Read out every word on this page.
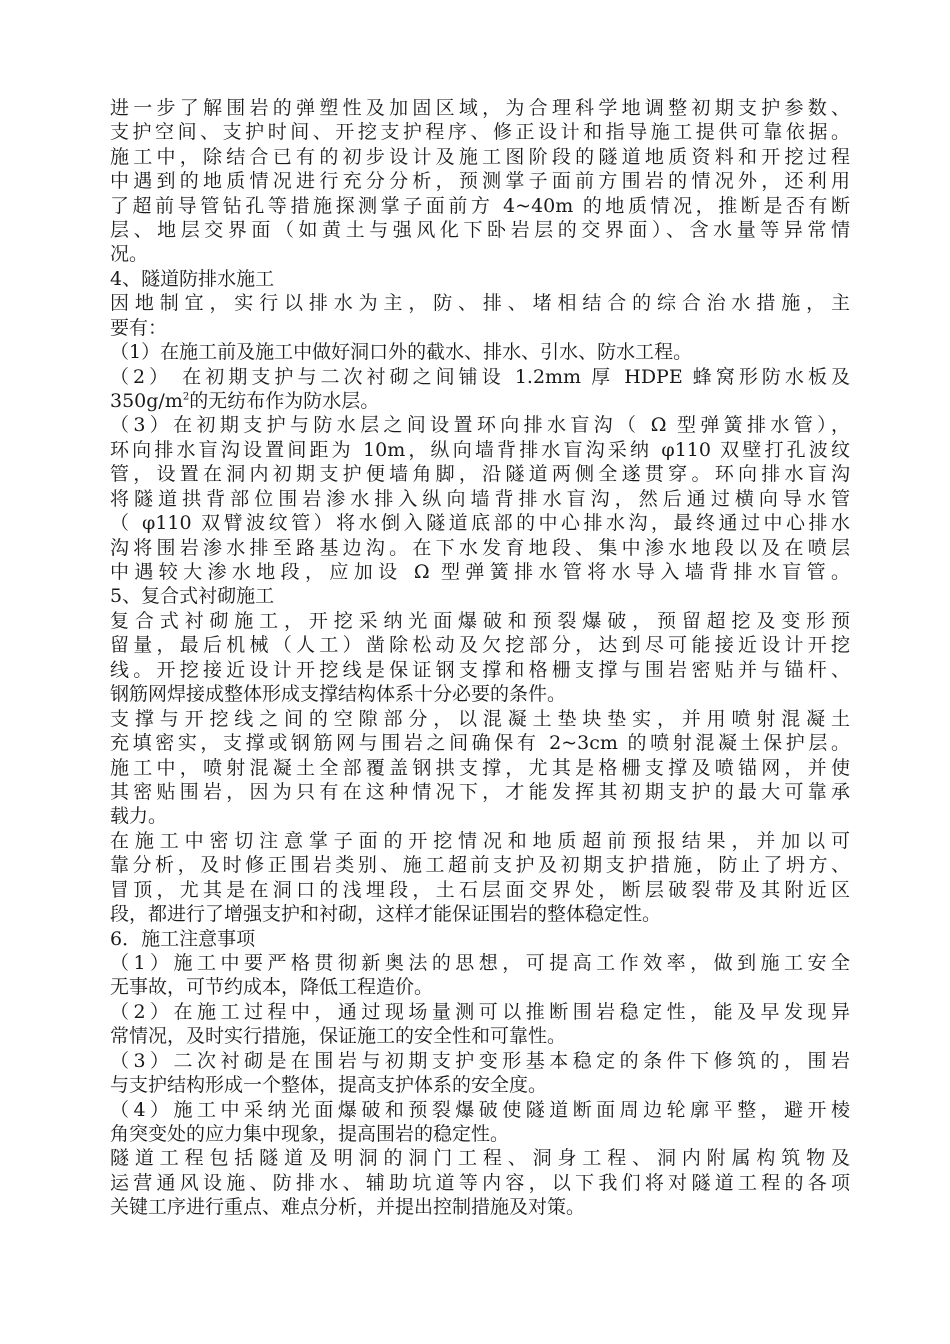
进一步了解围岩的弹塑性及加固区域，为合理科学地调整初期支护参数、
支护空间、支护时间、开挖支护程序、修正设计和指导施工提供可靠依据。
施工中，除结合已有的初步设计及施工图阶段的隧道地质资料和开挖过程
中遇到的地质情况进行充分分析，预测掌子面前方围岩的情况外，还利用
了超前导管钻孔等措施探测掌子面前方 4~40m 的地质情况，推断是否有断
层、地层交界面（如黄土与强风化下卧岩层的交界面）、含水量等异常情
况。
4、隧道防排水施工
因地制宜，实行以排水为主，防、排、堵相结合的综合治水措施，主
要有：
（1）在施工前及施工中做好洞口外的截水、排水、引水、防水工程。
（2） 在初期支护与二次衬砌之间铺设 1.2mm 厚 HDPE 蜂窝形防水板及
$350g/m^2$的无纺布作为防水层。
（3）在初期支护与防水层之间设置环向排水盲沟（ Ω 型弹簧排水管），
环向排水盲沟设置间距为 10m，纵向墙背排水盲沟采纳 φ110 双壁打孔波纹
管，设置在洞内初期支护便墙角脚，沿隧道两侧全遂贯穿。环向排水盲沟
将隧道拱背部位围岩渗水排入纵向墙背排水盲沟，然后通过横向导水管
（ φ110 双臂波纹管）将水倒入隧道底部的中心排水沟，最终通过中心排水
沟将围岩渗水排至路基边沟。在下水发育地段、集中渗水地段以及在喷层
中遇较大渗水地段，应加设 Ω 型弹簧排水管将水导入墙背排水盲管。
5、复合式衬砌施工
复合式衬砌施工，开挖采纳光面爆破和预裂爆破，预留超挖及变形预
留量，最后机械（人工）凿除松动及欠挖部分，达到尽可能接近设计开挖
线。开挖接近设计开挖线是保证钢支撑和格栅支撑与围岩密贴并与锚杆、
钢筋网焊接成整体形成支撑结构体系十分必要的条件。
支撑与开挖线之间的空隙部分，以混凝土垫块垫实，并用喷射混凝土
充填密实，支撑或钢筋网与围岩之间确保有 2~3cm 的喷射混凝土保护层。
施工中，喷射混凝土全部覆盖钢拱支撑，尤其是格栅支撑及喷锚网，并使
其密贴围岩，因为只有在这种情况下，才能发挥其初期支护的最大可靠承
载力。
在施工中密切注意掌子面的开挖情况和地质超前预报结果，并加以可
靠分析，及时修正围岩类别、施工超前支护及初期支护措施，防止了坍方、
冒顶，尤其是在洞口的浅埋段，土石层面交界处，断层破裂带及其附近区
段，都进行了增强支护和衬砌，这样才能保证围岩的整体稳定性。
6．施工注意事项
（1）施工中要严格贯彻新奥法的思想，可提高工作效率，做到施工安全
无事故，可节约成本，降低工程造价。
（2）在施工过程中，通过现场量测可以推断围岩稳定性，能及早发现异
常情况，及时实行措施，保证施工的安全性和可靠性。
（3）二次衬砌是在围岩与初期支护变形基本稳定的条件下修筑的，围岩
与支护结构形成一个整体，提高支护体系的安全度。
（4）施工中采纳光面爆破和预裂爆破使隧道断面周边轮廓平整，避开棱
角突变处的应力集中现象，提高围岩的稳定性。
隧道工程包括隧道及明洞的洞门工程、洞身工程、洞内附属构筑物及
运营通风设施、防排水、辅助坑道等内容，以下我们将对隧道工程的各项
关键工序进行重点、难点分析，并提出控制措施及对策。
